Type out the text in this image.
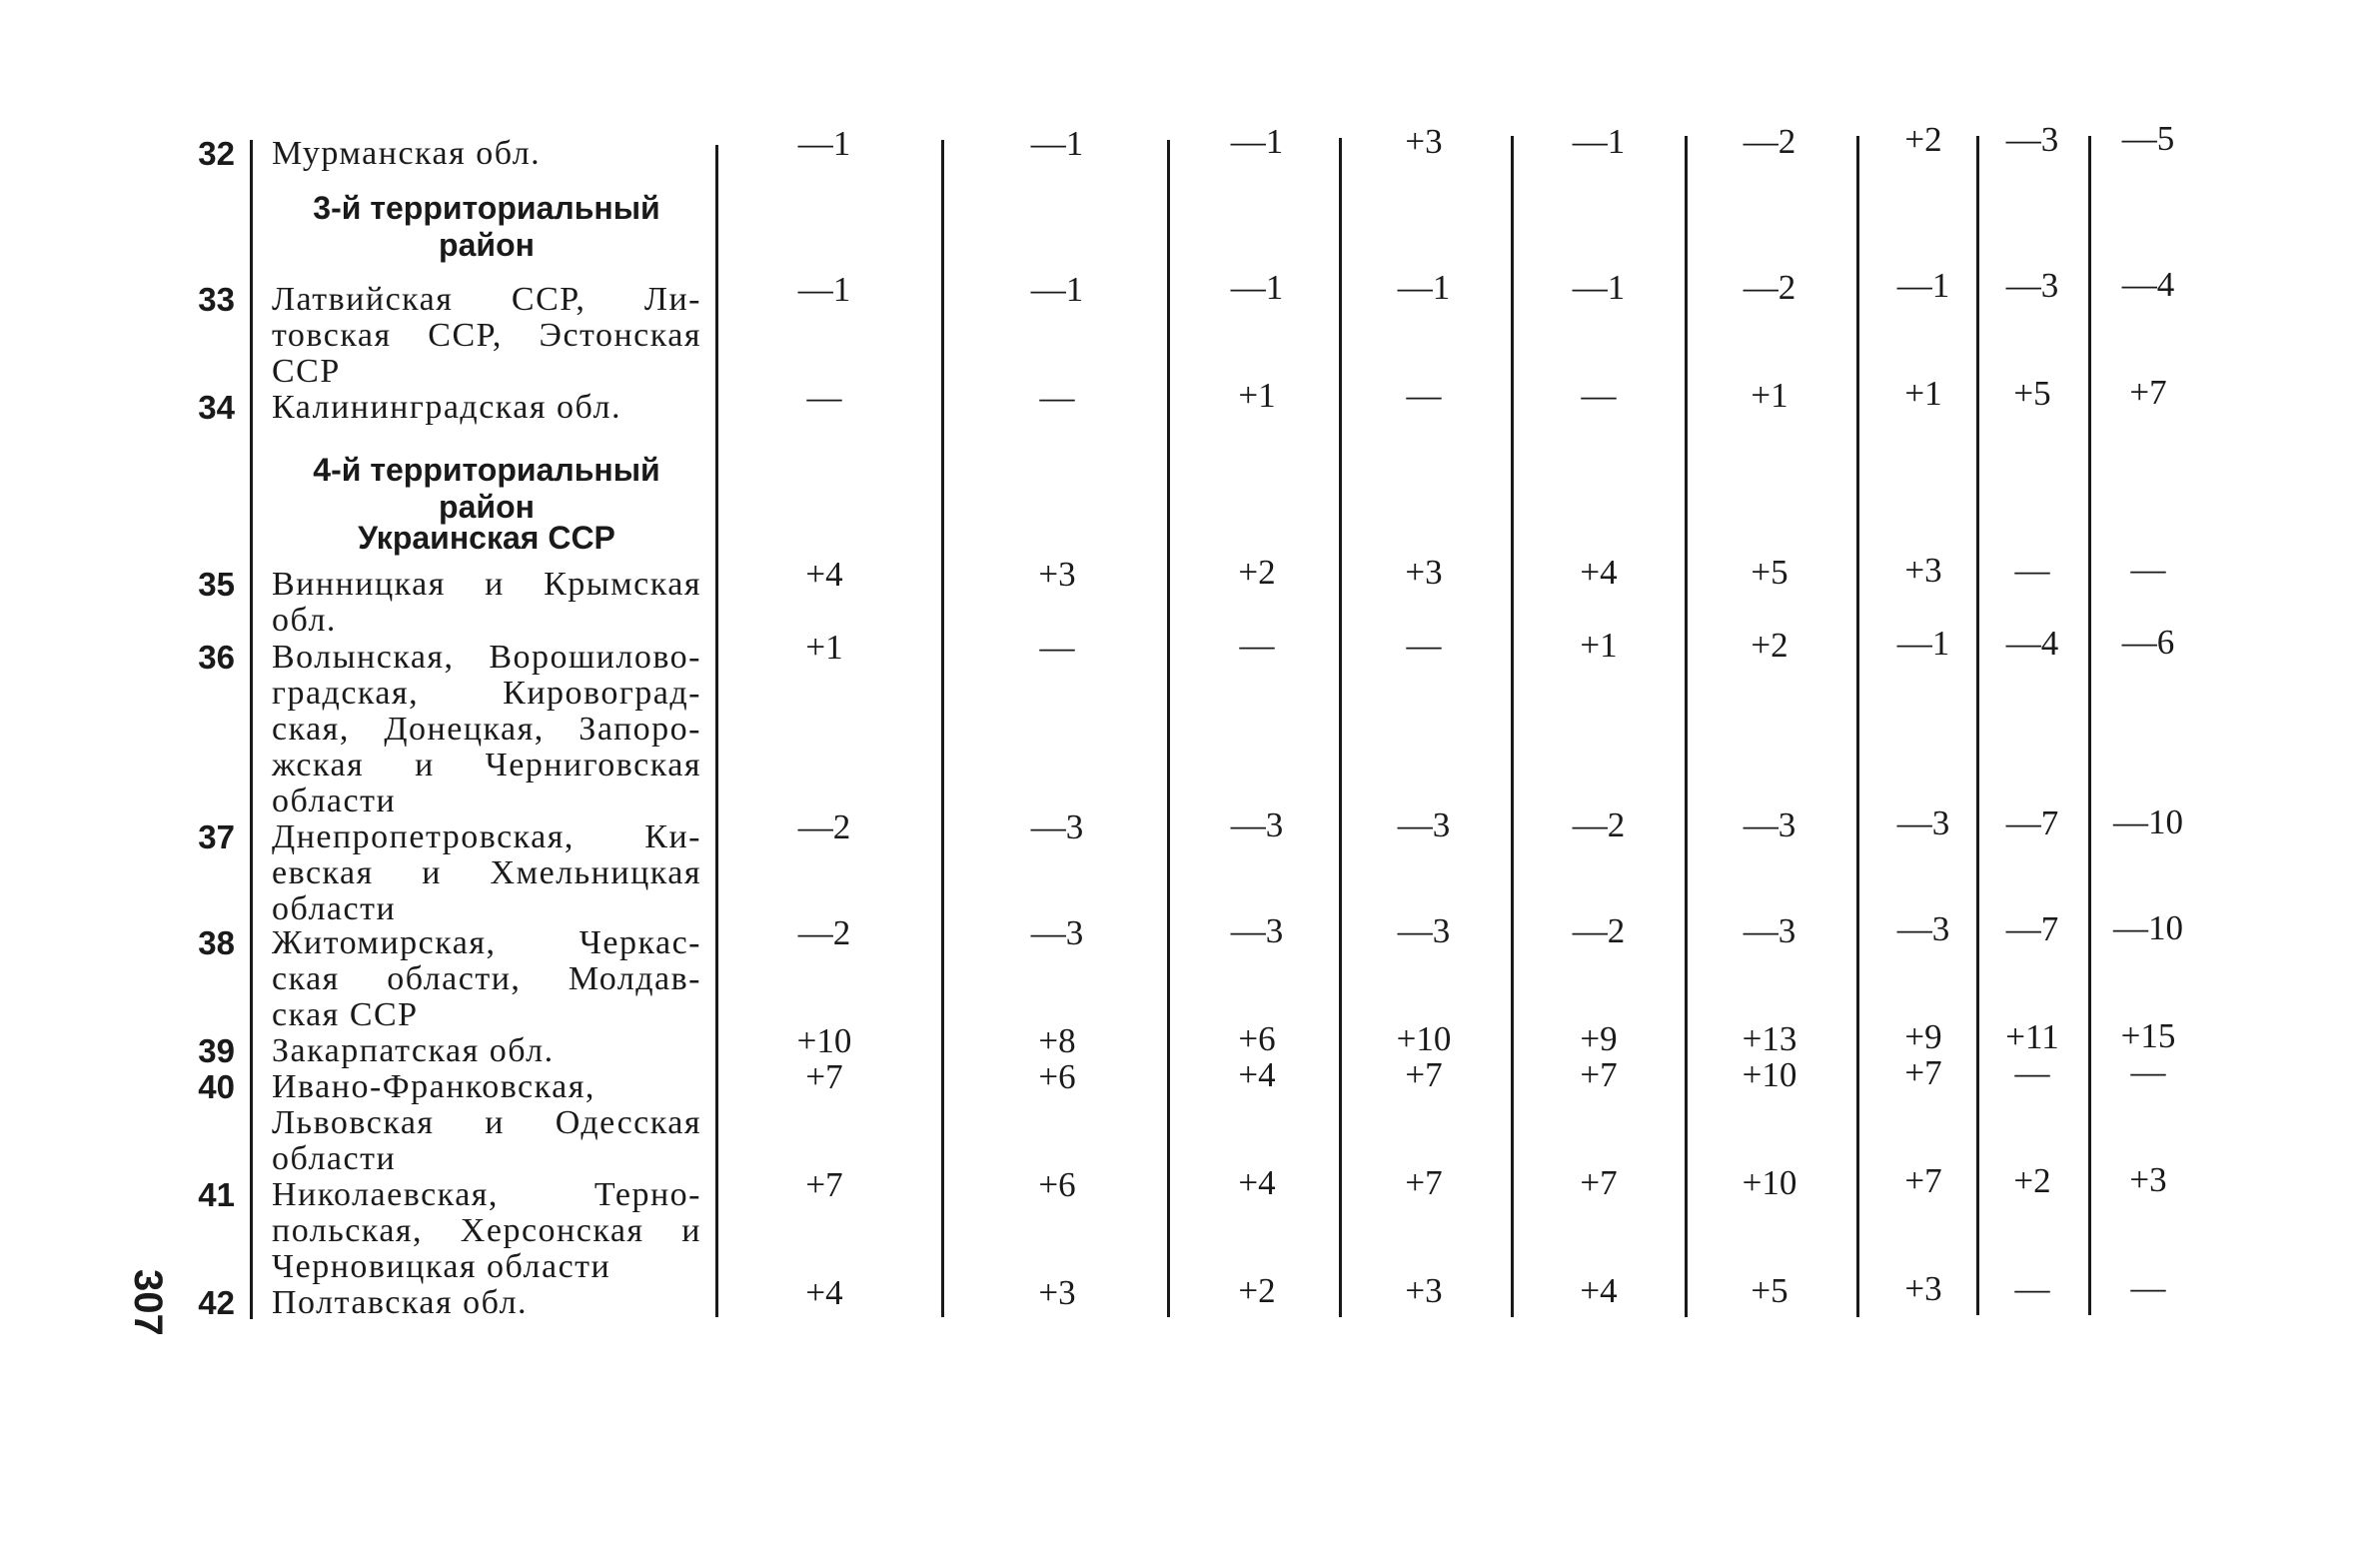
32 Мурманская обл.	—1	—1	—1	+3	—1	—2	+2	—3	—5
3-й территориальный
район
33 Латвийская ССР, Ли-
товская ССР, Эстонская
ССР
—1	—1	—1	—1	—1	—2	—1	—3	—4
34 Калининградская обл.	—	—	+1	—	—	+1	+1	+5	+7
4-й территориальный
район
Украинская ССР
35 Винницкая и Крымская
обл.
+4	+3	+2	+3	+4	+5	+3	—	—
36 Волынская, Ворошилово-
градская, Кировоград-
ская, Донецкая, Запоро-
жская и Черниговская
области
+1	—	—	—	+1	+2	—1	—4	—6
37 Днепропетровская, Ки-
евская и Хмельницкая
области
—2	—3	—3	—3	—2	—3	—3	—7	—10
38 Житомирская, Черкас-
ская области, Молдав-
ская ССР
—2	—3	—3	—3	—2	—3	—3	—7	—10
39 Закарпатская обл.	+10	+8	+6	+10	+9	+13	+9	+11	+15
40 Ивано-Франковская,
Львовская и Одесская
области
+7	+6	+4	+7	+7	+10	+7	—	—
41 Николаевская, Терно-
польская, Херсонская и
Черновицкая области
+7	+6	+4	+7	+7	+10	+7	+2	+3
42 Полтавская обл.	+4	+3	+2	+3	+4	+5	+3	—	—
307
